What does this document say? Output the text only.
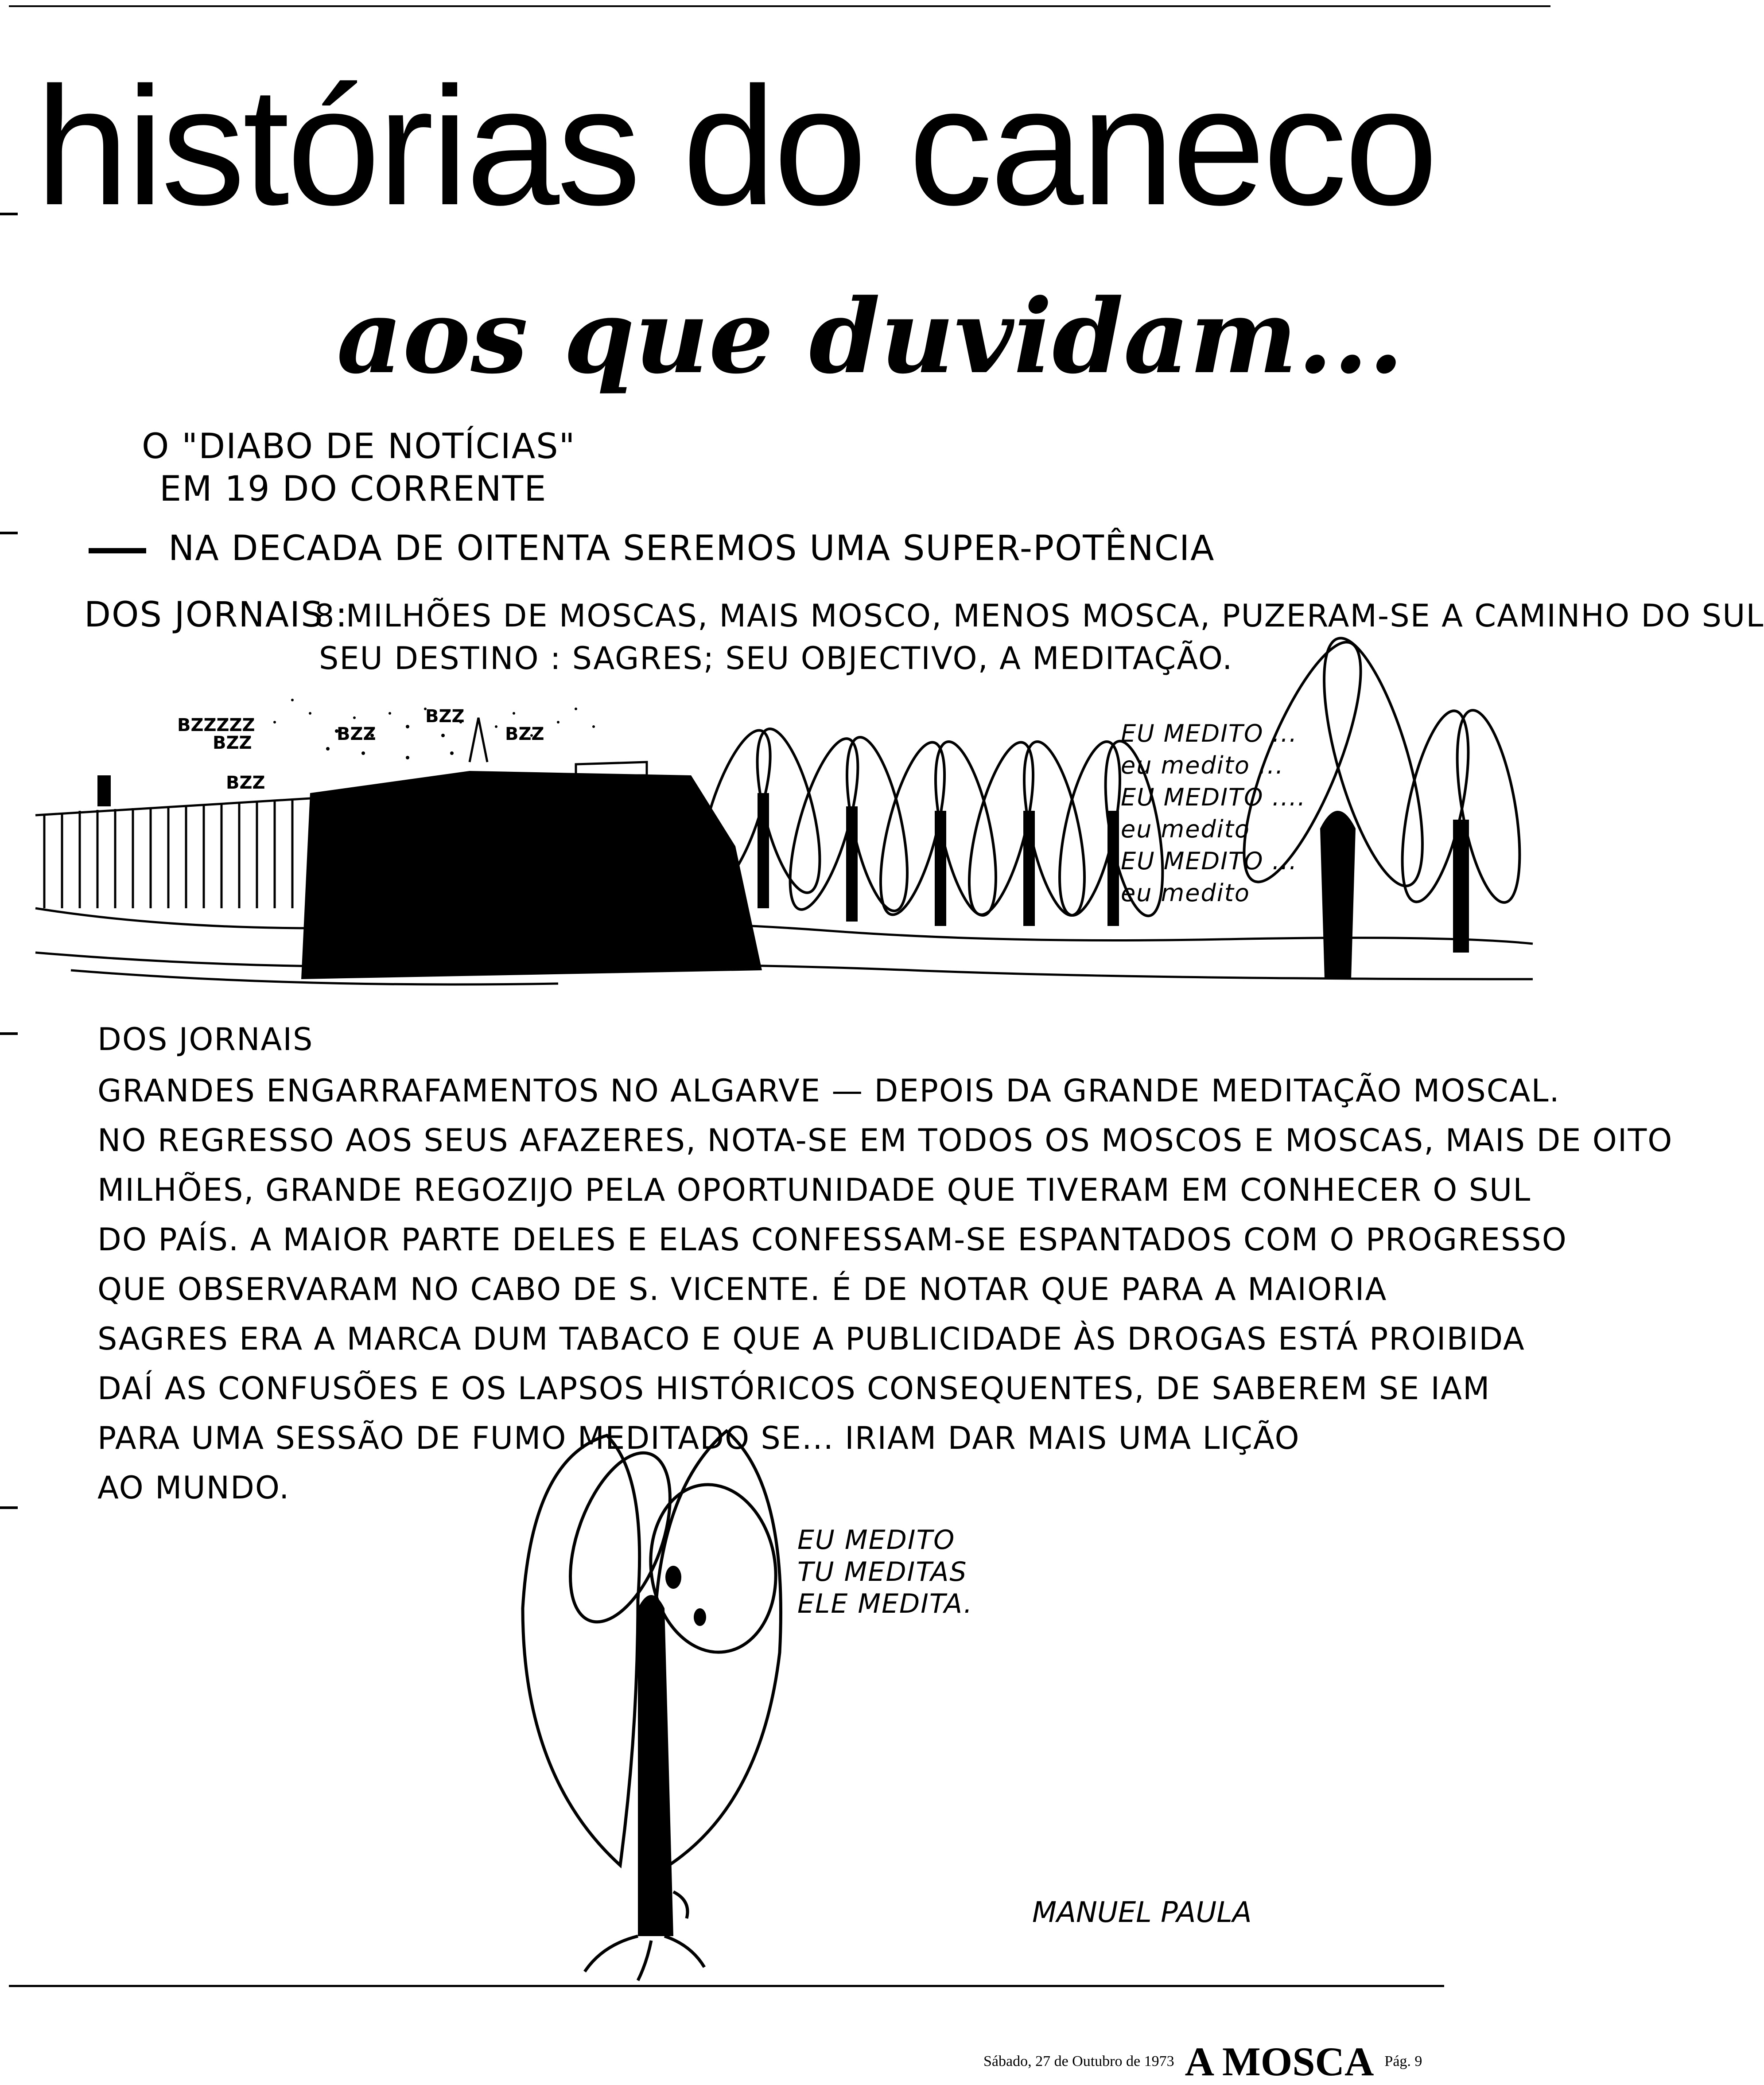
histórias do caneco
aos que duvidam...
O "DIABO DE NOTÍCIAS"
EM 19 DO CORRENTE
NA DECADA DE OITENTA SEREMOS UMA SUPER-POTÊNCIA
DOS JORNAIS :8 MILHÕES DE MOSCAS, MAIS MOSCO, MENOS MOSCA, PUZERAM-SE A CAMINHO DO SUL
SEU DESTINO : SAGRES; SEU OBJECTIVO, A MEDITAÇÃO.
BZZZZZ
BZZ	BZZ
BZZ
BZZ
BZZ
EU MEDITO ...
eu medito ...
EU MEDITO ....
eu medito
EU MEDITO ...
eu medito
DOS JORNAIS
GRANDES ENGARRAFAMENTOS NO ALGARVE — DEPOIS DA GRANDE MEDITAÇÃO MOSCAL.
NO REGRESSO AOS SEUS AFAZERES, NOTA-SE EM TODOS OS MOSCOS E MOSCAS, MAIS DE OITO
MILHÕES, GRANDE REGOZIJO PELA OPORTUNIDADE QUE TIVERAM EM CONHECER O SUL
DO PAÍS. A MAIOR PARTE DELES E ELAS CONFESSAM-SE ESPANTADOS COM O PROGRESSO
QUE OBSERVARAM NO CABO DE S. VICENTE. É DE NOTAR QUE PARA A MAIORIA
SAGRES ERA A MARCA DUM TABACO E QUE A PUBLICIDADE ÀS DROGAS ESTÁ PROIBIDA
DAÍ AS CONFUSÕES E OS LAPSOS HISTÓRICOS CONSEQUENTES, DE SABEREM SE IAM
PARA UMA SESSÃO DE FUMO MEDITADO SE... IRIAM DAR MAIS UMA LIÇÃO
AO MUNDO.
EU MEDITO
TU MEDITAS
ELE MEDITA.
MANUEL PAULA
Sábado, 27 de Outubro de 1973 A MOSCA Pág. 9
